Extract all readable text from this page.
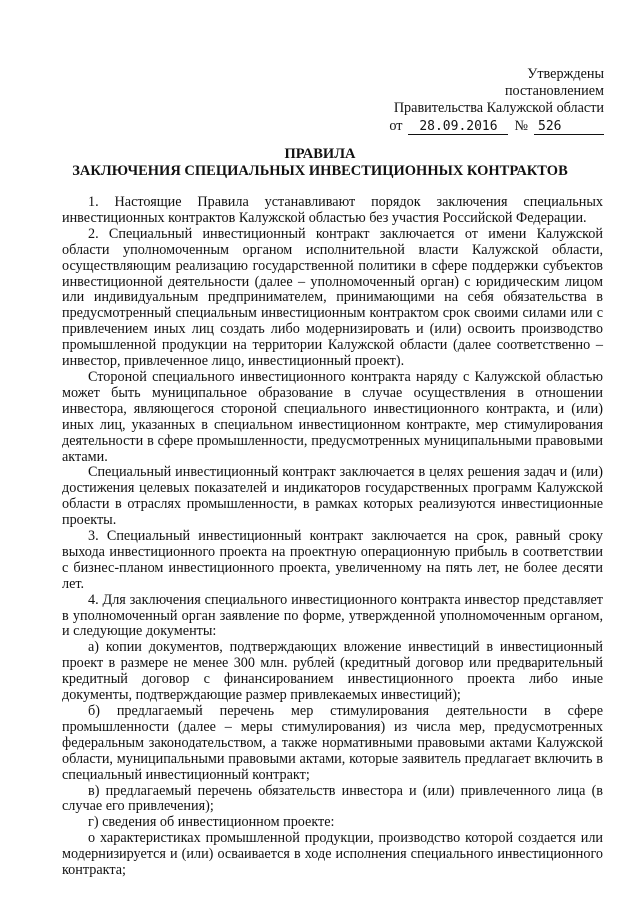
Утверждены
постановлением
Правительства Калужской области
от 28.09.2016 № 526
ПРАВИЛА
ЗАКЛЮЧЕНИЯ СПЕЦИАЛЬНЫХ ИНВЕСТИЦИОННЫХ КОНТРАКТОВ

1. Настоящие Правила устанавливают порядок заключения специальных инвестиционных контрактов Калужской областью без участия Российской Федерации.

2. Специальный инвестиционный контракт заключается от имени Калужской области уполномоченным органом исполнительной власти Калужской области, осуществляющим реализацию государственной политики в сфере поддержки субъектов инвестиционной деятельности (далее – уполномоченный орган) с юридическим лицом или индивидуальным предпринимателем, принимающими на себя обязательства в предусмотренный специальным инвестиционным контрактом срок своими силами или с привлечением иных лиц создать либо модернизировать и (или) освоить производство промышленной продукции на территории Калужской области (далее соответственно – инвестор, привлеченное лицо, инвестиционный проект).

Стороной специального инвестиционного контракта наряду с Калужской областью может быть муниципальное образование в случае осуществления в отношении инвестора, являющегося стороной специального инвестиционного контракта, и (или) иных лиц, указанных в специальном инвестиционном контракте, мер стимулирования деятельности в сфере промышленности, предусмотренных муниципальными правовыми актами.

Специальный инвестиционный контракт заключается в целях решения задач и (или) достижения целевых показателей и индикаторов государственных программ Калужской области в отраслях промышленности, в рамках которых реализуются инвестиционные проекты.

3. Специальный инвестиционный контракт заключается на срок, равный сроку выхода инвестиционного проекта на проектную операционную прибыль в соответствии с бизнес-планом инвестиционного проекта, увеличенному на пять лет, не более десяти лет.

4. Для заключения специального инвестиционного контракта инвестор представляет в уполномоченный орган заявление по форме, утвержденной уполномоченным органом, и следующие документы:

а) копии документов, подтверждающих вложение инвестиций в инвестиционный проект в размере не менее 300 млн. рублей (кредитный договор или предварительный кредитный договор с финансированием инвестиционного проекта либо иные документы, подтверждающие размер привлекаемых инвестиций);

б) предлагаемый перечень мер стимулирования деятельности в сфере промышленности (далее – меры стимулирования) из числа мер, предусмотренных федеральным законодательством, а также нормативными правовыми актами Калужской области, муниципальными правовыми актами, которые заявитель предлагает включить в специальный инвестиционный контракт;

в) предлагаемый перечень обязательств инвестора и (или) привлеченного лица (в случае его привлечения);

г) сведения об инвестиционном проекте:

о характеристиках промышленной продукции, производство которой создается или модернизируется и (или) осваивается в ходе исполнения специального инвестиционного контракта;
